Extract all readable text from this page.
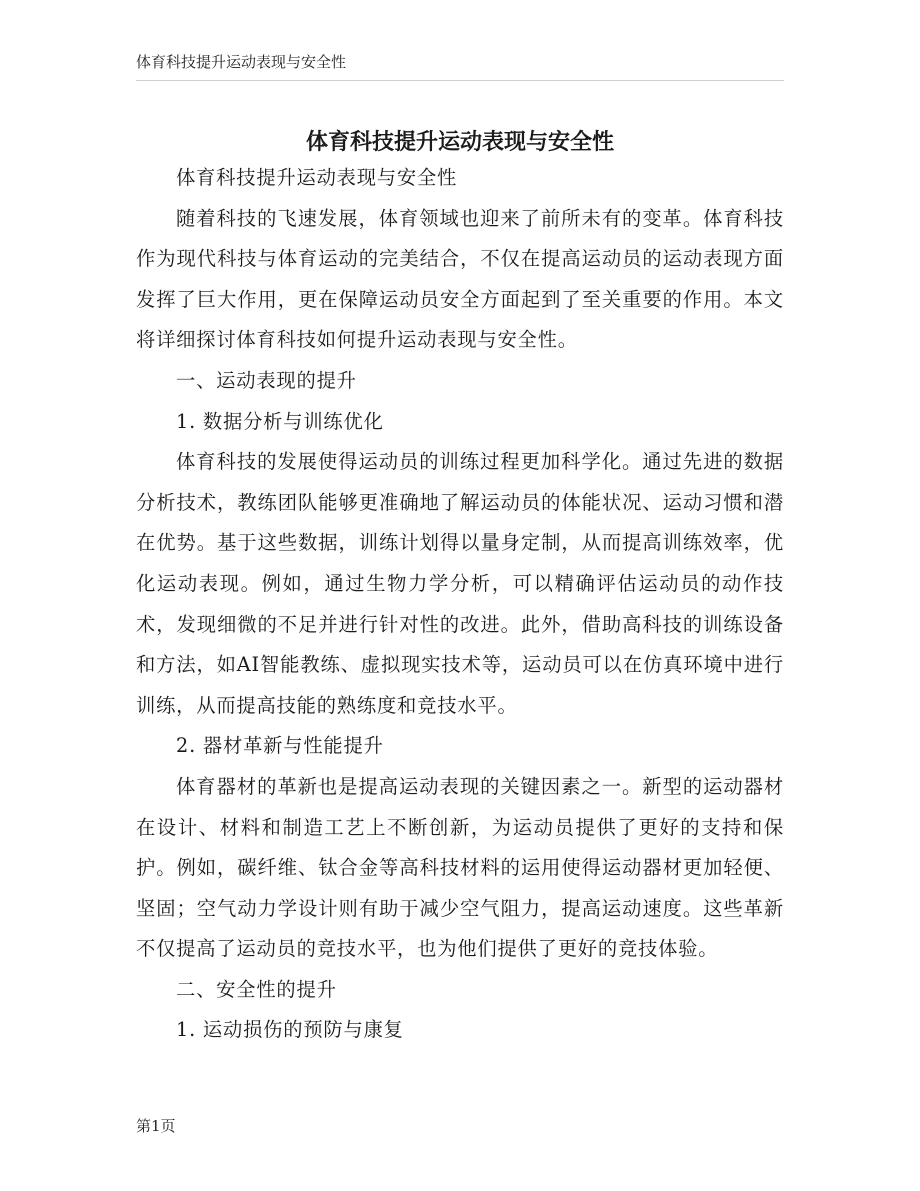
体育科技提升运动表现与安全性
体育科技提升运动表现与安全性

体育科技提升运动表现与安全性

随着科技的飞速发展，体育领域也迎来了前所未有的变革。体育科技作为现代科技与体育运动的完美结合，不仅在提高运动员的运动表现方面发挥了巨大作用，更在保障运动员安全方面起到了至关重要的作用。本文将详细探讨体育科技如何提升运动表现与安全性。

一、运动表现的提升

1. 数据分析与训练优化

体育科技的发展使得运动员的训练过程更加科学化。通过先进的数据分析技术，教练团队能够更准确地了解运动员的体能状况、运动习惯和潜在优势。基于这些数据，训练计划得以量身定制，从而提高训练效率，优化运动表现。例如，通过生物力学分析，可以精确评估运动员的动作技术，发现细微的不足并进行针对性的改进。此外，借助高科技的训练设备和方法，如AI智能教练、虚拟现实技术等，运动员可以在仿真环境中进行训练，从而提高技能的熟练度和竞技水平。

2. 器材革新与性能提升

体育器材的革新也是提高运动表现的关键因素之一。新型的运动器材在设计、材料和制造工艺上不断创新，为运动员提供了更好的支持和保护。例如，碳纤维、钛合金等高科技材料的运用使得运动器材更加轻便、坚固；空气动力学设计则有助于减少空气阻力，提高运动速度。这些革新不仅提高了运动员的竞技水平，也为他们提供了更好的竞技体验。

二、安全性的提升

1. 运动损伤的预防与康复

第1页
